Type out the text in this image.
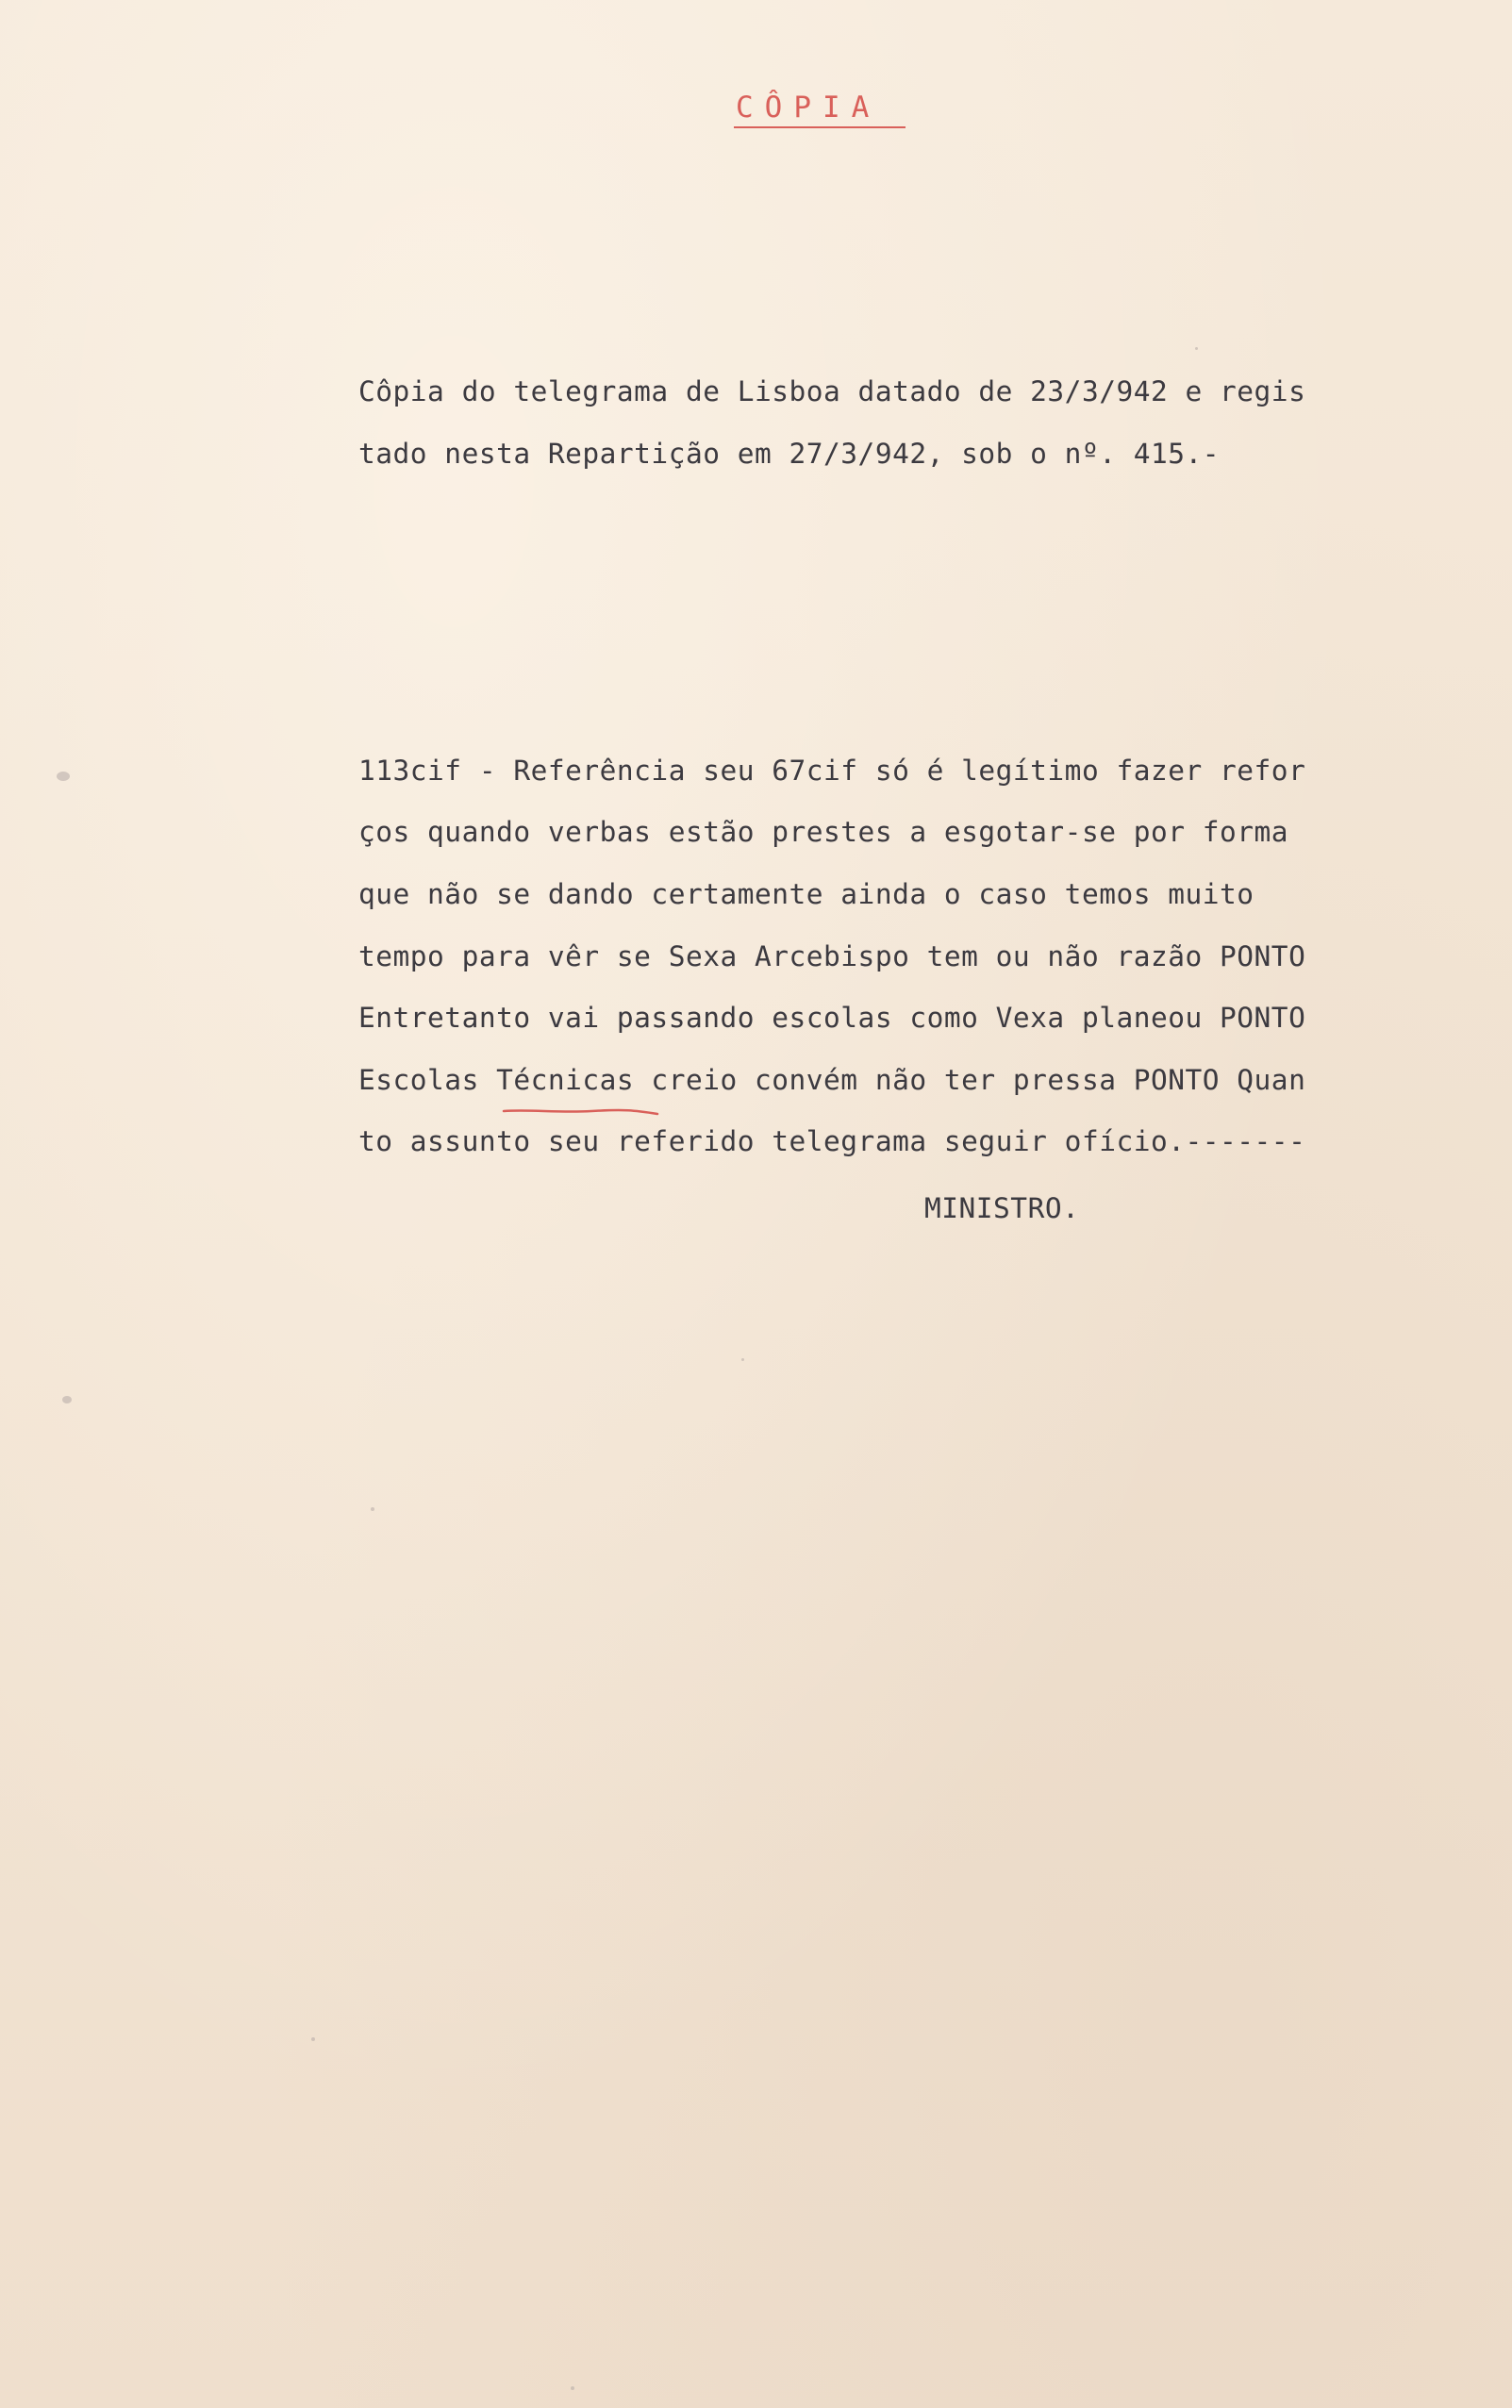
CÔPIA
Côpia do telegrama de Lisboa datado de 23/3/942 e regis
tado nesta Repartição em 27/3/942, sob o nº. 415.-
113cif - Referência seu 67cif só é legítimo fazer refor
ços quando verbas estão prestes a esgotar-se por forma
que não se dando certamente ainda o caso temos muito
tempo para vêr se Sexa Arcebispo tem ou não razão PONTO
Entretanto vai passando escolas como Vexa planeou PONTO
Escolas Técnicas creio convém não ter pressa PONTO Quan
to assunto seu referido telegrama seguir ofício.-------
MINISTRO.
